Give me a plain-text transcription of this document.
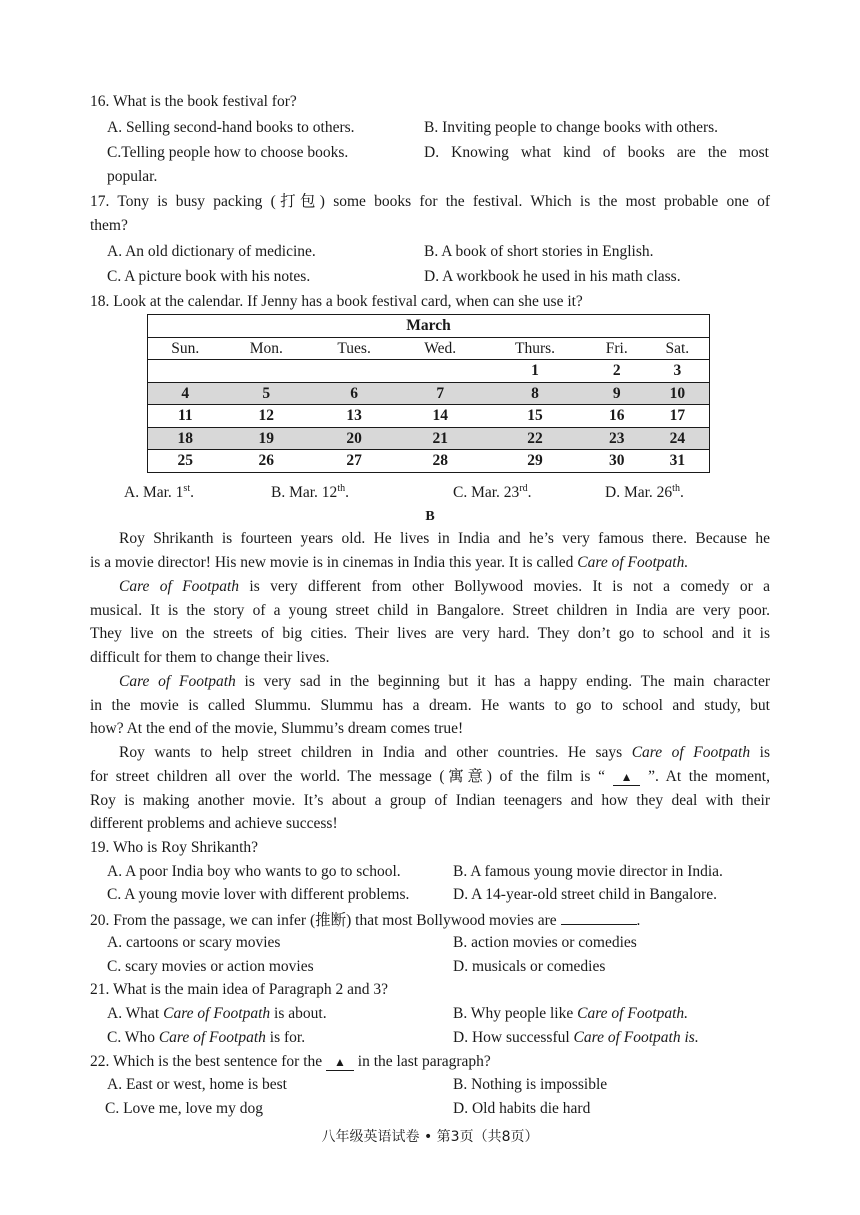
16. What is the book festival for?
A. Selling second-hand books to others.	B. Inviting people to change books with others.
C.Telling people how to choose books.	D. Knowing what kind of books are the most
popular.
17. Tony is busy packing (打包) some books for the festival. Which is the most probable one of
them?
A. An old dictionary of medicine.	B. A book of short stories in English.
C. A picture book with his notes.	D. A workbook he used in his math class.
18. Look at the calendar. If Jenny has a book festival card, when can she use it?
March						
Sun.	Mon.	Tues.	Wed.	Thurs.	Fri.	Sat.
				1	2	3
4	5	6	7	8	9	10
11	12	13	14	15	16	17
18	19	20	21	22	23	24
25	26	27	28	29	30	31
A. Mar. 1st.	B. Mar. 12th.	C. Mar. 23rd.	D. Mar. 26th.
B
Roy Shrikanth is fourteen years old. He lives in India and he’s very famous there. Because he
is a movie director! His new movie is in cinemas in India this year. It is called Care of Footpath.
Care of Footpath is very different from other Bollywood movies. It is not a comedy or a
musical. It is the story of a young street child in Bangalore. Street children in India are very poor.
They live on the streets of big cities. Their lives are very hard. They don’t go to school and it is
difficult for them to change their lives.
Care of Footpath is very sad in the beginning but it has a happy ending. The main character
in the movie is called Slummu. Slummu has a dream. He wants to go to school and study, but
how? At the end of the movie, Slummu’s dream comes true!
Roy wants to help street children in India and other countries. He says Care of Footpath is
for street children all over the world. The message (寓意) of the film is “ ▲ ”. At the moment,
Roy is making another movie. It’s about a group of Indian teenagers and how they deal with their
different problems and achieve success!
19. Who is Roy Shrikanth?
A. A poor India boy who wants to go to school.	B. A famous young movie director in India.
C. A young movie lover with different problems.	D. A 14-year-old street child in Bangalore.
20. From the passage, we can infer (推断) that most Bollywood movies are	.
A. cartoons or scary movies	B. action movies or comedies
C. scary movies or action movies	D. musicals or comedies
21. What is the main idea of Paragraph 2 and 3?
A. What Care of Footpath is about.	B. Why people like Care of Footpath.
C. Who Care of Footpath is for.	D. How successful Care of Footpath is.
22. Which is the best sentence for the ▲ in the last paragraph?
A. East or west, home is best	B. Nothing is impossible
C. Love me, love my dog	D. Old habits die hard
八年级英语试卷 • 第3页（共8页）
